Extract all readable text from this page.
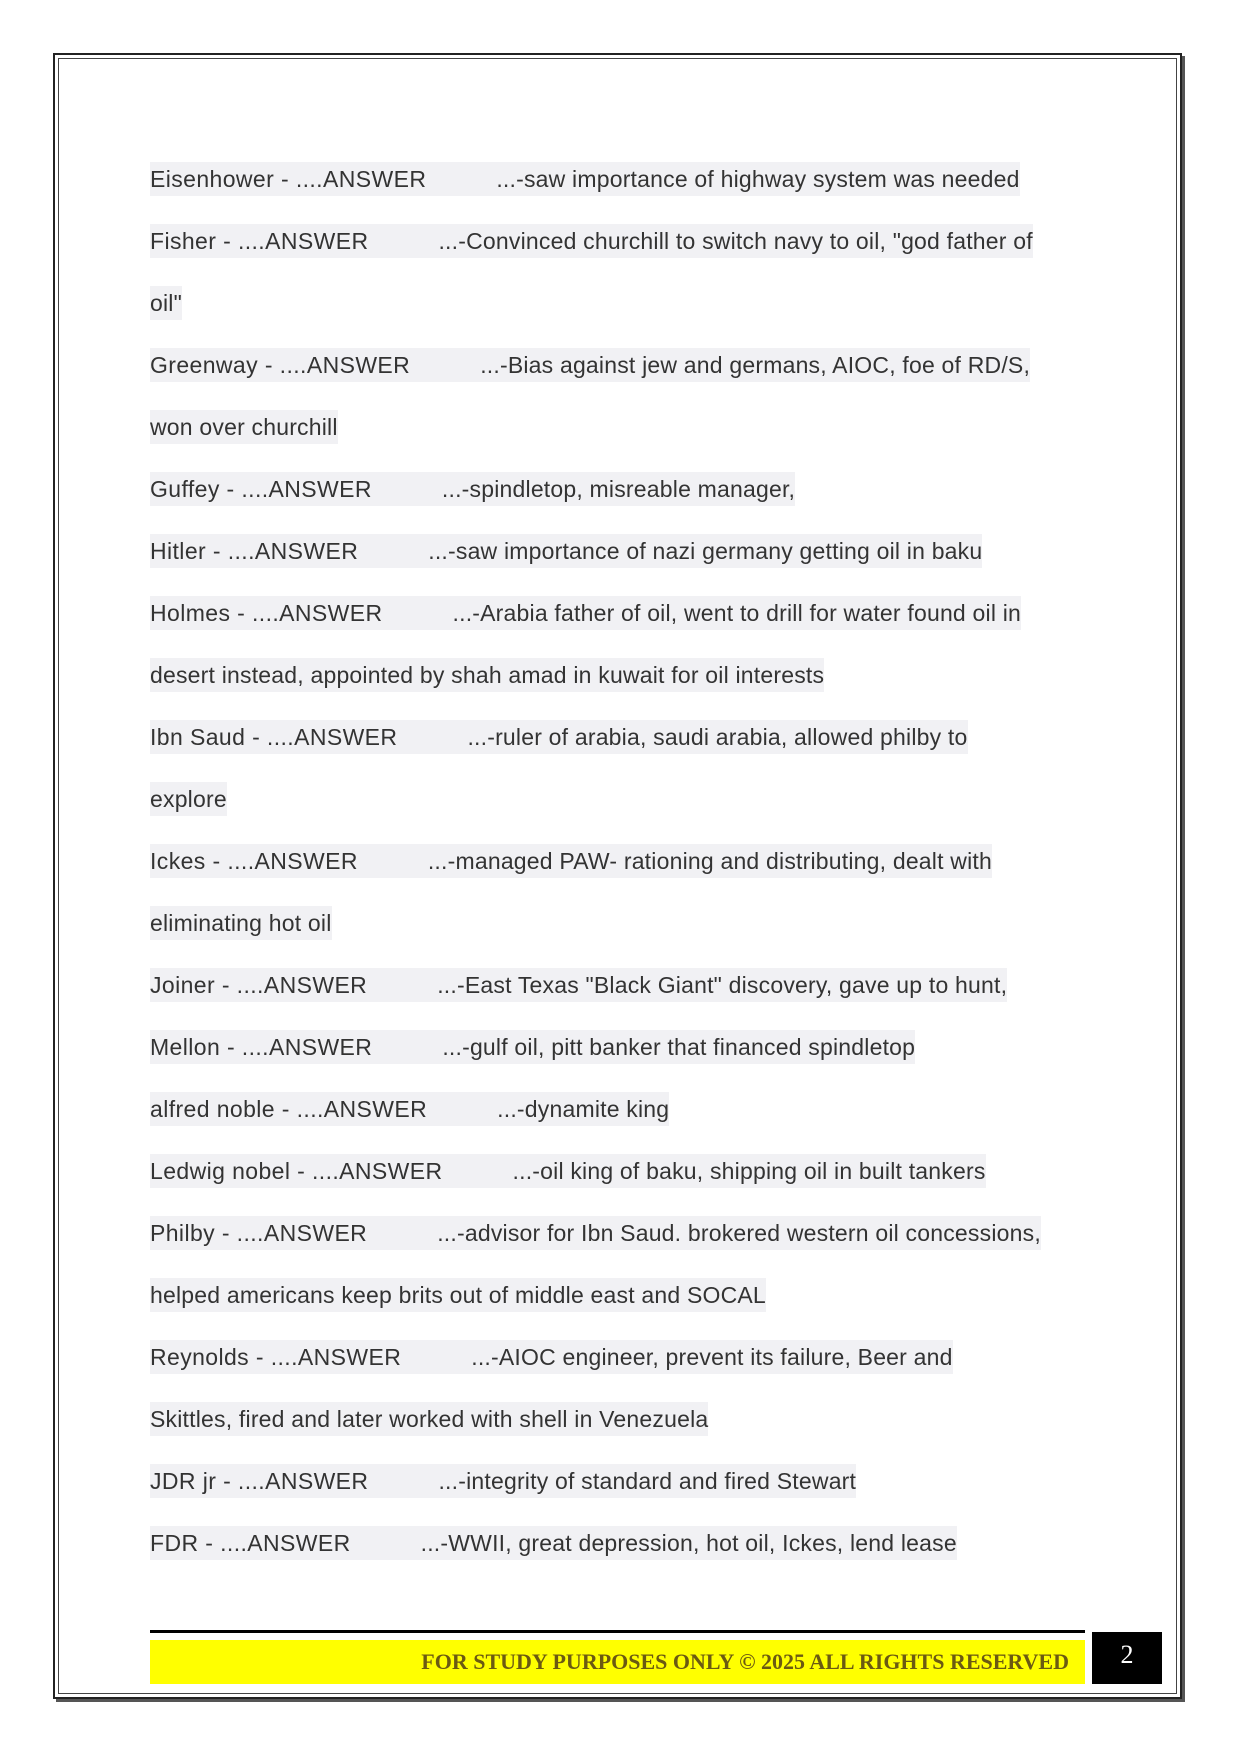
Eisenhower - ....ANSWER	...-saw importance of highway system was needed
Fisher - ....ANSWER	...-Convinced churchill to switch navy to oil, "god father of
oil"
Greenway - ....ANSWER	...-Bias against jew and germans, AIOC, foe of RD/S,
won over churchill
Guffey - ....ANSWER	...-spindletop, misreable manager,
Hitler - ....ANSWER	...-saw importance of nazi germany getting oil in baku
Holmes - ....ANSWER	...-Arabia father of oil, went to drill for water found oil in
desert instead, appointed by shah amad in kuwait for oil interests
Ibn Saud - ....ANSWER	...-ruler of arabia, saudi arabia, allowed philby to
explore
Ickes - ....ANSWER	...-managed PAW- rationing and distributing, dealt with
eliminating hot oil
Joiner - ....ANSWER	...-East Texas "Black Giant" discovery, gave up to hunt,
Mellon - ....ANSWER	...-gulf oil, pitt banker that financed spindletop
alfred noble - ....ANSWER	...-dynamite king
Ledwig nobel - ....ANSWER	...-oil king of baku, shipping oil in built tankers
Philby - ....ANSWER	...-advisor for Ibn Saud. brokered western oil concessions,
helped americans keep brits out of middle east and SOCAL
Reynolds - ....ANSWER	...-AIOC engineer, prevent its failure, Beer and
Skittles, fired and later worked with shell in Venezuela
JDR jr - ....ANSWER	...-integrity of standard and fired Stewart
FDR - ....ANSWER	...-WWII, great depression, hot oil, Ickes, lend lease
FOR STUDY PURPOSES ONLY © 2025 ALL RIGHTS RESERVED	2
